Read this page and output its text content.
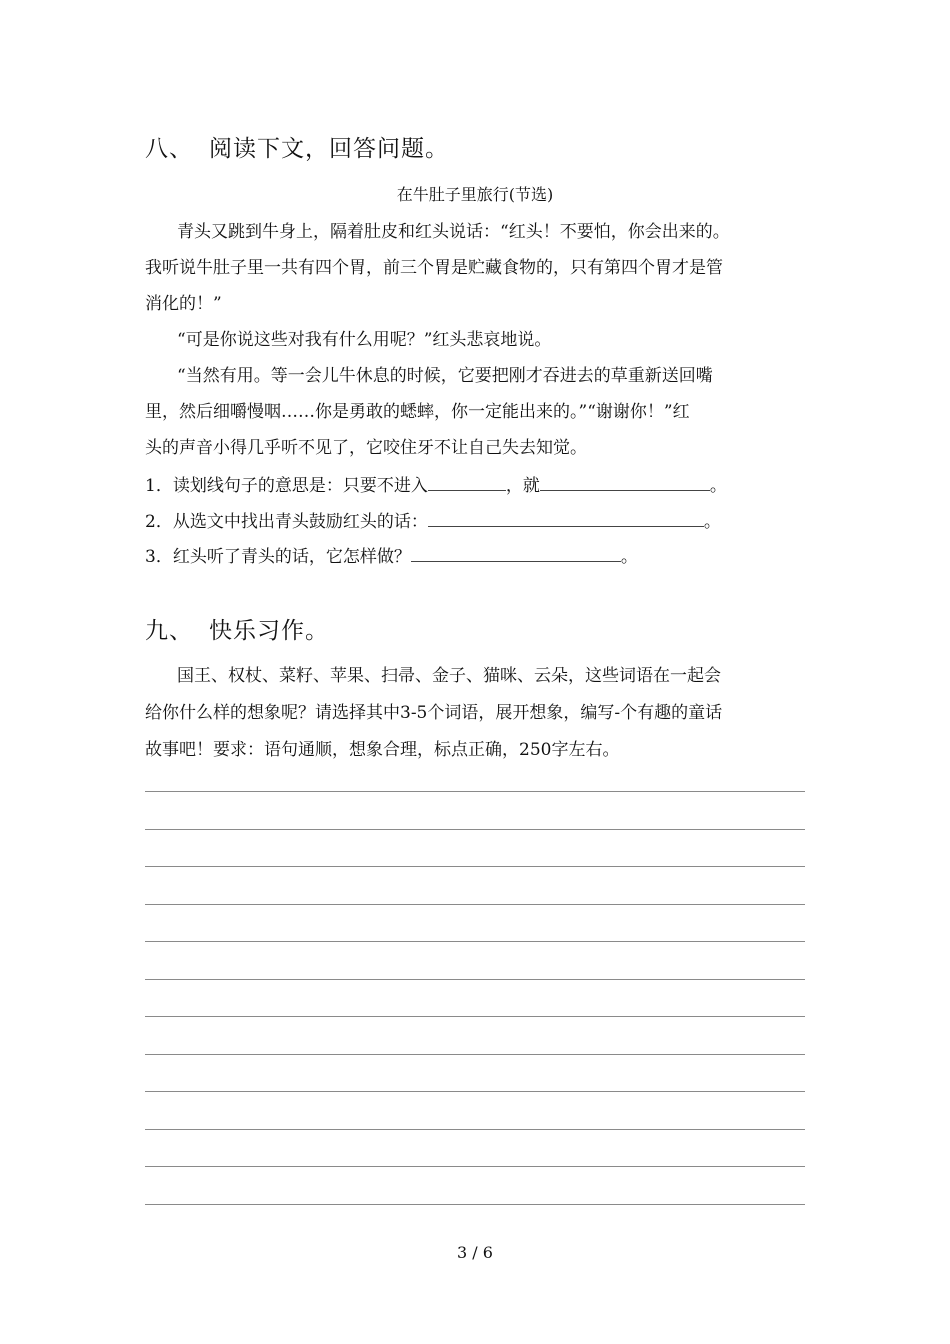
八、 阅读下文，回答问题。
在牛肚子里旅行(节选)
青头又跳到牛身上，隔着肚皮和红头说话：“红头！不要怕，你会出来的。
我听说牛肚子里一共有四个胃，前三个胃是贮藏食物的，只有第四个胃才是管
消化的！”
“可是你说这些对我有什么用呢？”红头悲哀地说。
“当然有用。等一会儿牛休息的时候，它要把刚才吞进去的草重新送回嘴
里，然后细嚼慢咽……你是勇敢的蟋蟀，你一定能出来的。”“谢谢你！”红
头的声音小得几乎听不见了，它咬住牙不让自己失去知觉。
1．读划线句子的意思是：只要不进入	，就	。
2．从选文中找出青头鼓励红头的话：	。
3．红头听了青头的话，它怎样做？	。
九、 快乐习作。
国王、权杖、菜籽、苹果、扫帚、金子、猫咪、云朵，这些词语在一起会
给你什么样的想象呢？请选择其中3-5个词语，展开想象，编写-个有趣的童话
故事吧！要求：语句通顺，想象合理，标点正确，250字左右。
3 / 6
